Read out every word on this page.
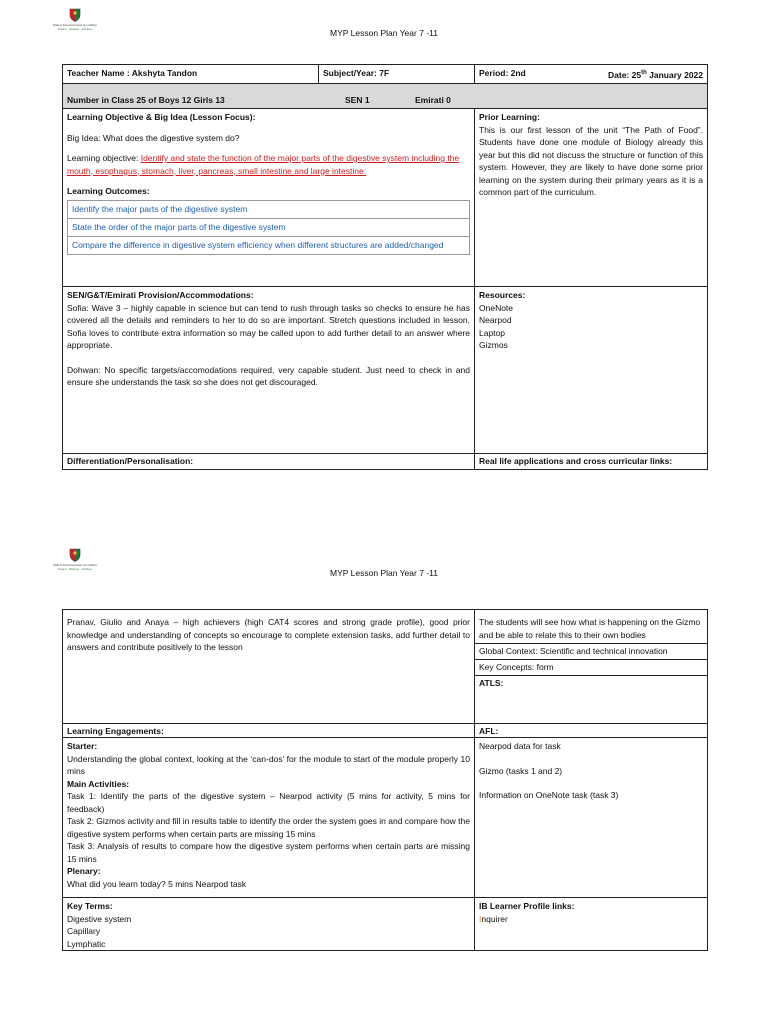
Dubai International Academy
Dream · Believe · Achieve	MYP Lesson Plan Year 7 -11
Teacher Name : Akshyta Tandon	Subject/Year: 7F	Period: 2nd	Date: 25th January 2022
Number in Class 25 of Boys 12 Girls 13	SEN 1	Emirati 0
Learning Objective & Big Idea (Lesson Focus):
Big Idea: What does the digestive system do?
Learning objective: Identify and state the function of the major parts of the digestive system including the mouth, esophagus, stomach, liver, pancreas, small intestine and large intestine.
Learning Outcomes:
Identify the major parts of the digestive system
State the order of the major parts of the digestive system
Compare the difference in digestive system efficiency when different structures are added/changed
Prior Learning:
This is our first lesson of the unit “The Path of Food”. Students have done one module of Biology already this year but this did not discuss the structure or function of this system. However, they are likely to have done some prior learning on the system during their primary years as it is a common part of the curriculum.
SEN/G&T/Emirati Provision/Accommodations:
Sofia: Wave 3 – highly capable in science but can tend to rush through tasks so checks to ensure he has covered all the details and reminders to her to do so are important. Stretch questions included in lesson, Sofia loves to contribute extra information so may be called upon to add further detail to an answer where appropriate.
Dohwan: No specific targets/accomodations required, very capable student. Just need to check in and ensure she understands the task so she does not get discouraged.
Resources:
OneNote
Nearpod
Laptop
Gizmos
Differentiation/Personalisation:	Real life applications and cross curricular links:
Dubai International Academy
Dream · Believe · Achieve	MYP Lesson Plan Year 7 -11
Pranav, Giulio and Anaya – high achievers (high CAT4 scores and strong grade profile), good prior knowledge and understanding of concepts so encourage to complete extension tasks, add further detail to answers and contribute positively to the lesson
The students will see how what is happening on the Gizmo and be able to relate this to their own bodies
Global Context: Scientific and technical innovation
Key Concepts: form
ATLS:
Learning Engagements:	AFL:
Starter:
Understanding the global context, looking at the ‘can-dos’ for the module to start of the module properly 10 mins
Main Activities:
Task 1: Identify the parts of the digestive system – Nearpod activity (5 mins for activity, 5 mins for feedback)
Task 2: Gizmos activity and fill in results table to identify the order the system goes in and compare how the digestive system performs when certain parts are missing 15 mins
Task 3: Analysis of results to compare how the digestive system performs when certain parts are missing 15 mins
Plenary:
What did you learn today? 5 mins Nearpod task
Nearpod data for task
Gizmo (tasks 1 and 2)
Information on OneNote task (task 3)
Key Terms:
Digestive system
Capillary
Lymphatic
IB Learner Profile links:
Inquirer
